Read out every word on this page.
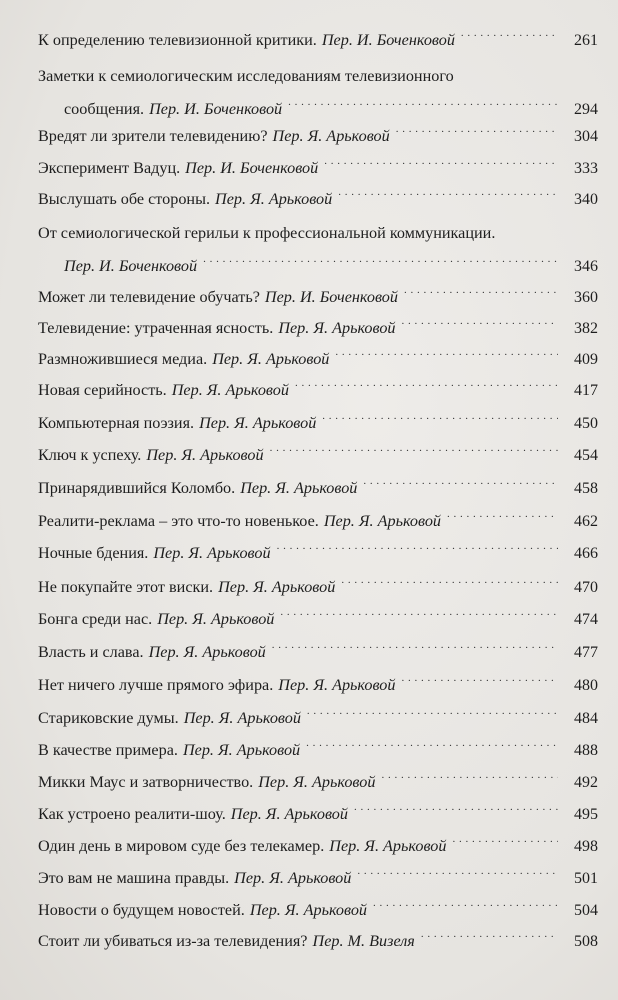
К определению телевизионной критики. Пер. И. Боченковой . . .	261
Заметки к семиологическим исследованиям телевизионного
сообщения. Пер. И. Боченковой . . .	294
Вредят ли зрители телевидению? Пер. Я. Арьковой . . .	304
Эксперимент Вадуц. Пер. И. Боченковой . . .	333
Выслушать обе стороны. Пер. Я. Арьковой . . .	340
От семиологической герильи к профессиональной коммуникации.
Пер. И. Боченковой . . .	346
Может ли телевидение обучать? Пер. И. Боченковой . . .	360
Телевидение: утраченная ясность. Пер. Я. Арьковой . . .	382
Размножившиеся медиа. Пер. Я. Арьковой . . .	409
Новая серийность. Пер. Я. Арьковой . . .	417
Компьютерная поэзия. Пер. Я. Арьковой . . .	450
Ключ к успеху. Пер. Я. Арьковой . . .	454
Принарядившийся Коломбо. Пер. Я. Арьковой . . .	458
Реалити-реклама – это что-то новенькое. Пер. Я. Арьковой . . .	462
Ночные бдения. Пер. Я. Арьковой . . .	466
Не покупайте этот виски. Пер. Я. Арьковой . . .	470
Бонга среди нас. Пер. Я. Арьковой . . .	474
Власть и слава. Пер. Я. Арьковой . . .	477
Нет ничего лучше прямого эфира. Пер. Я. Арьковой . . .	480
Стариковские думы. Пер. Я. Арьковой . . .	484
В качестве примера. Пер. Я. Арьковой . . .	488
Микки Маус и затворничество. Пер. Я. Арьковой . . .	492
Как устроено реалити-шоу. Пер. Я. Арьковой . . .	495
Один день в мировом суде без телекамер. Пер. Я. Арьковой . . .	498
Это вам не машина правды. Пер. Я. Арьковой . . .	501
Новости о будущем новостей. Пер. Я. Арьковой . . .	504
Стоит ли убиваться из-за телевидения? Пер. М. Визеля . . .	508
